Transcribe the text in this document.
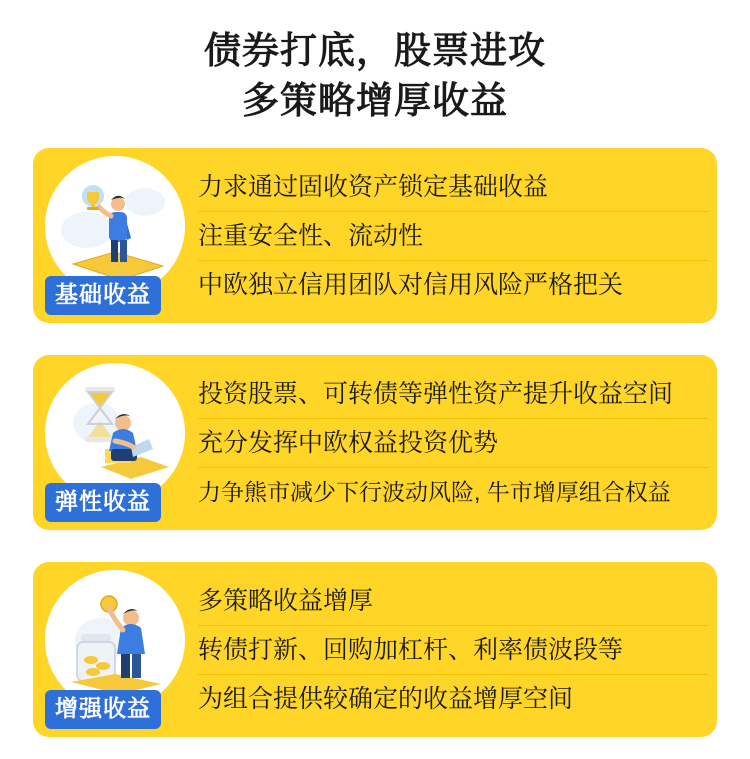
债券打底，股票进攻
多策略增厚收益
基础收益
力求通过固收资产锁定基础收益
注重安全性、流动性
中欧独立信用团队对信用风险严格把关
弹性收益
投资股票、可转债等弹性资产提升收益空间
充分发挥中欧权益投资优势
力争熊市减少下行波动风险, 牛市增厚组合权益
增强收益
多策略收益增厚
转债打新、回购加杠杆、利率债波段等
为组合提供较确定的收益增厚空间
